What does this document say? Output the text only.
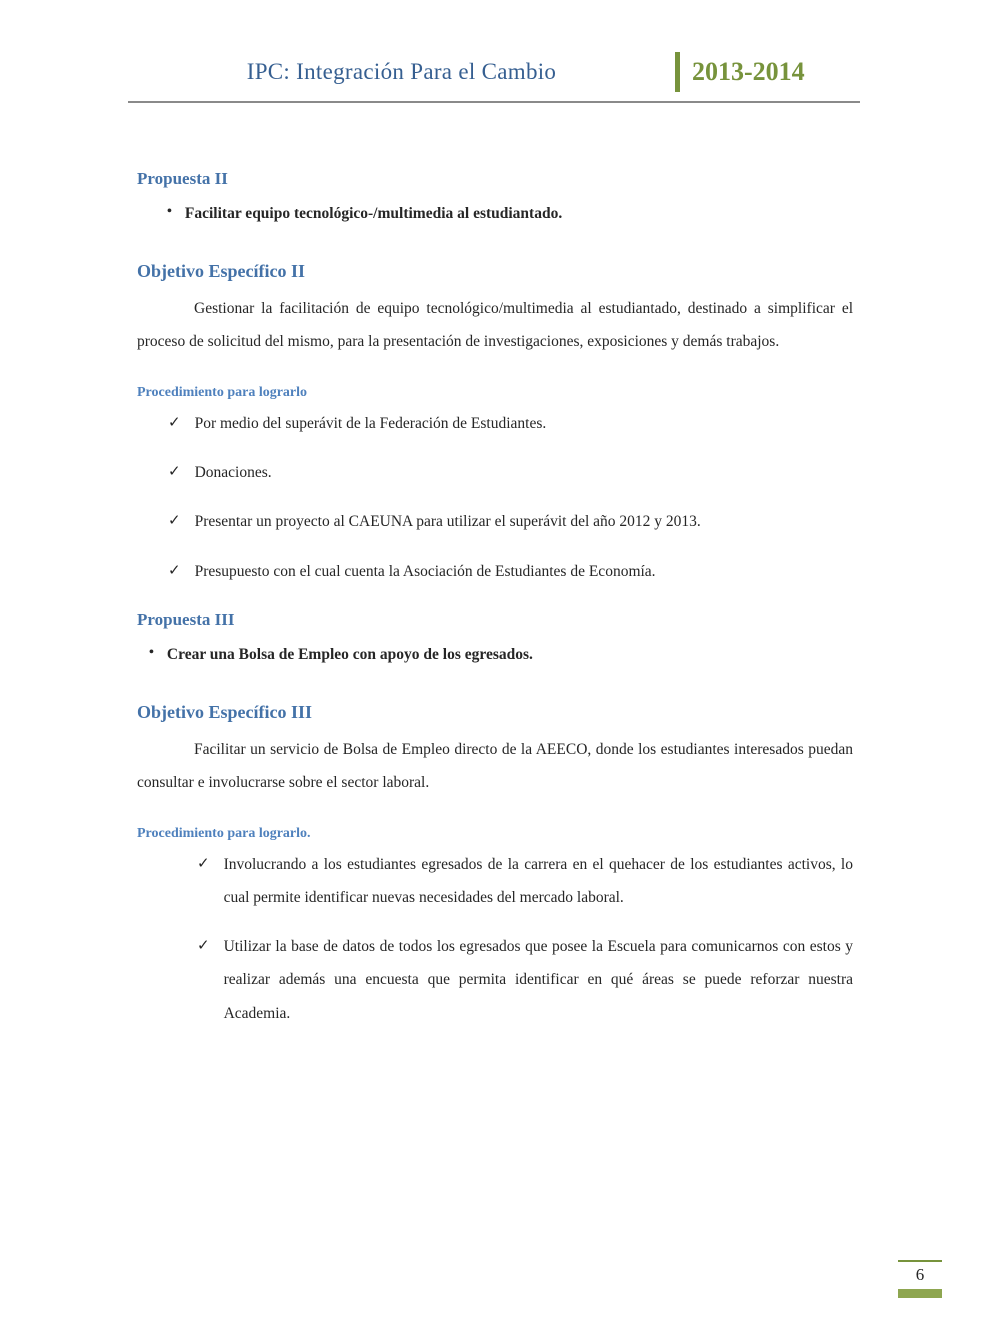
IPC: Integración Para el Cambio	2013-2014
Propuesta II
• Facilitar equipo tecnológico-/multimedia al estudiantado.
Objetivo Específico II

Gestionar la facilitación de equipo tecnológico/multimedia al estudiantado, destinado a simplificar el proceso de solicitud del mismo, para la presentación de investigaciones, exposiciones y demás trabajos.

Procedimiento para lograrlo
✓ Por medio del superávit de la Federación de Estudiantes.
✓ Donaciones.
✓ Presentar un proyecto al CAEUNA para utilizar el superávit del año 2012 y 2013.
✓ Presupuesto con el cual cuenta la Asociación de Estudiantes de Economía.
Propuesta III
• Crear una Bolsa de Empleo con apoyo de los egresados.
Objetivo Específico III

Facilitar un servicio de Bolsa de Empleo directo de la AEECO, donde los estudiantes interesados puedan consultar e involucrarse sobre el sector laboral.

Procedimiento para lograrlo.
✓ Involucrando a los estudiantes egresados de la carrera en el quehacer de los estudiantes activos, lo cual permite identificar nuevas necesidades del mercado laboral.
✓ Utilizar la base de datos de todos los egresados que posee la Escuela para comunicarnos con estos y realizar además una encuesta que permita identificar en qué áreas se puede reforzar nuestra Academia.
6
